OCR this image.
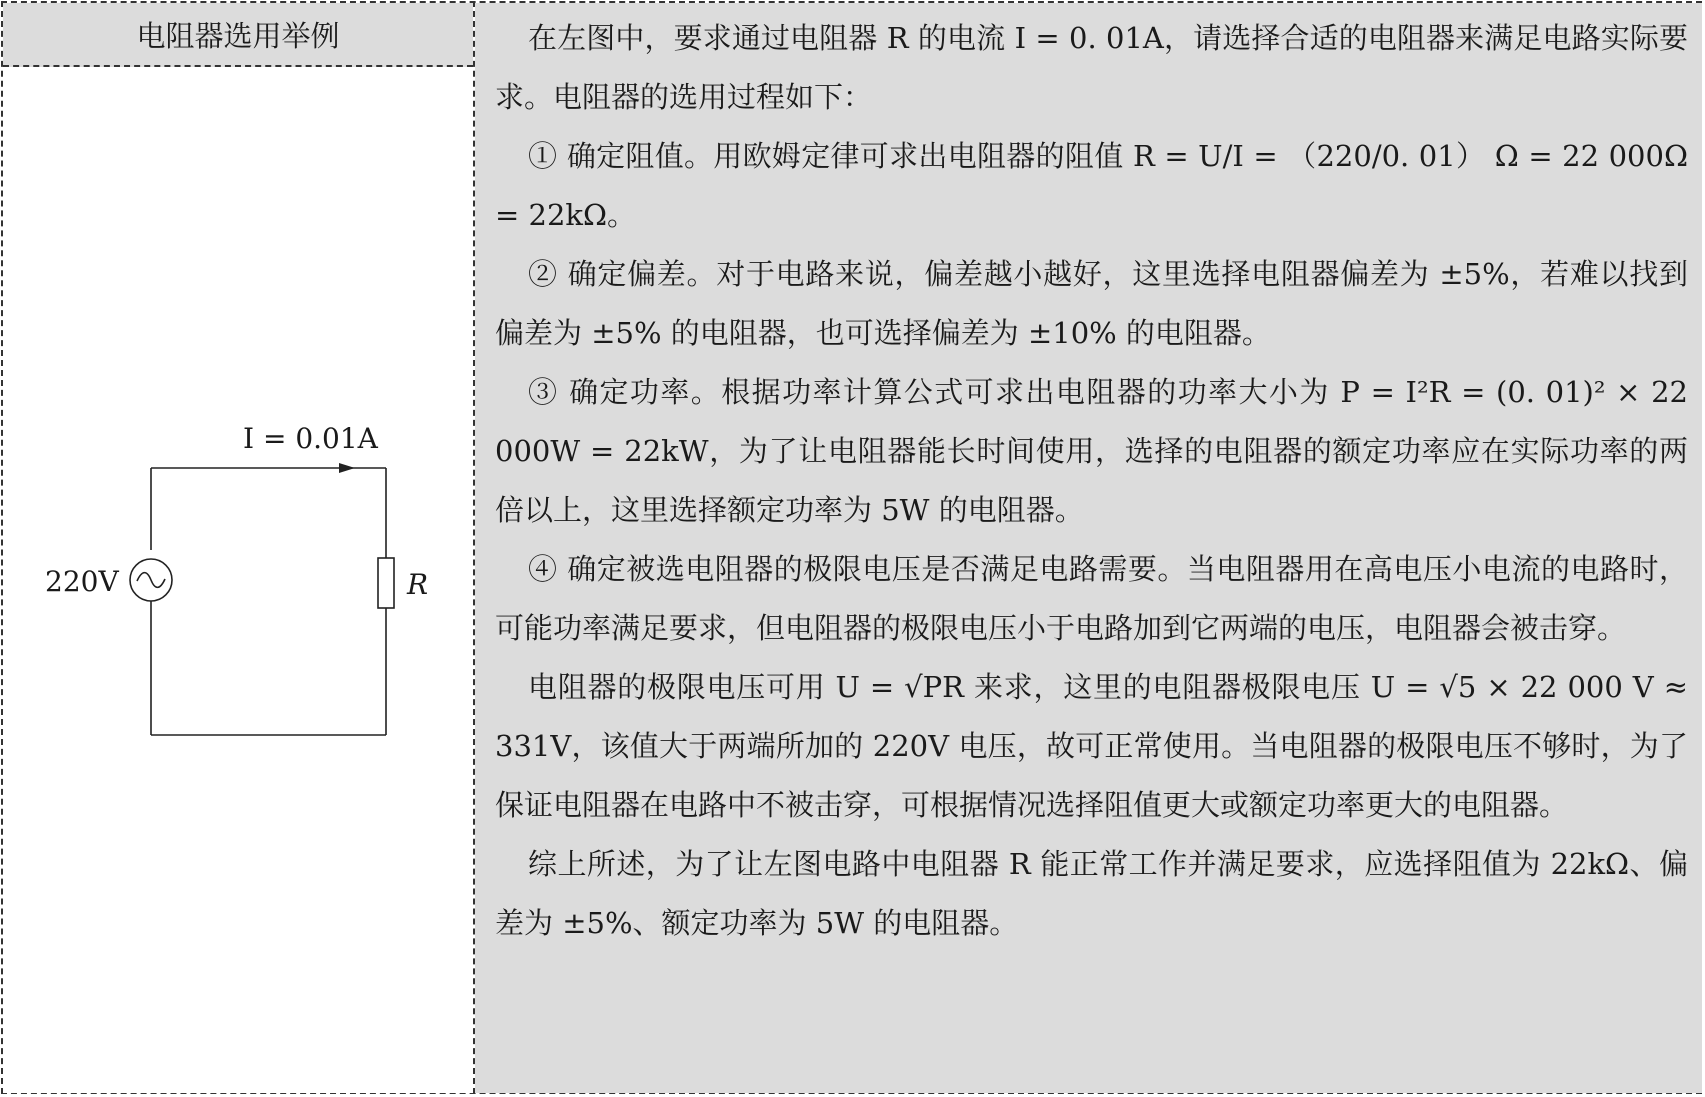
电阻器选用举例
I = 0.01A
220V	R

在左图中，要求通过电阻器 R 的电流 I = 0. 01A，请选择合适的电阻器来满足电路实际要求。电阻器的选用过程如下：

① 确定阻值。用欧姆定律可求出电阻器的阻值 R = U/I = （220/0. 01） Ω = 22 000Ω = 22kΩ。

② 确定偏差。对于电路来说，偏差越小越好，这里选择电阻器偏差为 ±5%，若难以找到偏差为 ±5% 的电阻器，也可选择偏差为 ±10% 的电阻器。

③ 确定功率。根据功率计算公式可求出电阻器的功率大小为 P = I²R = (0. 01)² × 22 000W = 22kW，为了让电阻器能长时间使用，选择的电阻器的额定功率应在实际功率的两倍以上，这里选择额定功率为 5W 的电阻器。

④ 确定被选电阻器的极限电压是否满足电路需要。当电阻器用在高电压小电流的电路时，可能功率满足要求，但电阻器的极限电压小于电路加到它两端的电压，电阻器会被击穿。

电阻器的极限电压可用 U = √PR 来求，这里的电阻器极限电压 U = √5 × 22 000 V ≈ 331V，该值大于两端所加的 220V 电压，故可正常使用。当电阻器的极限电压不够时，为了保证电阻器在电路中不被击穿，可根据情况选择阻值更大或额定功率更大的电阻器。

综上所述，为了让左图电路中电阻器 R 能正常工作并满足要求，应选择阻值为 22kΩ、偏差为 ±5%、额定功率为 5W 的电阻器。
